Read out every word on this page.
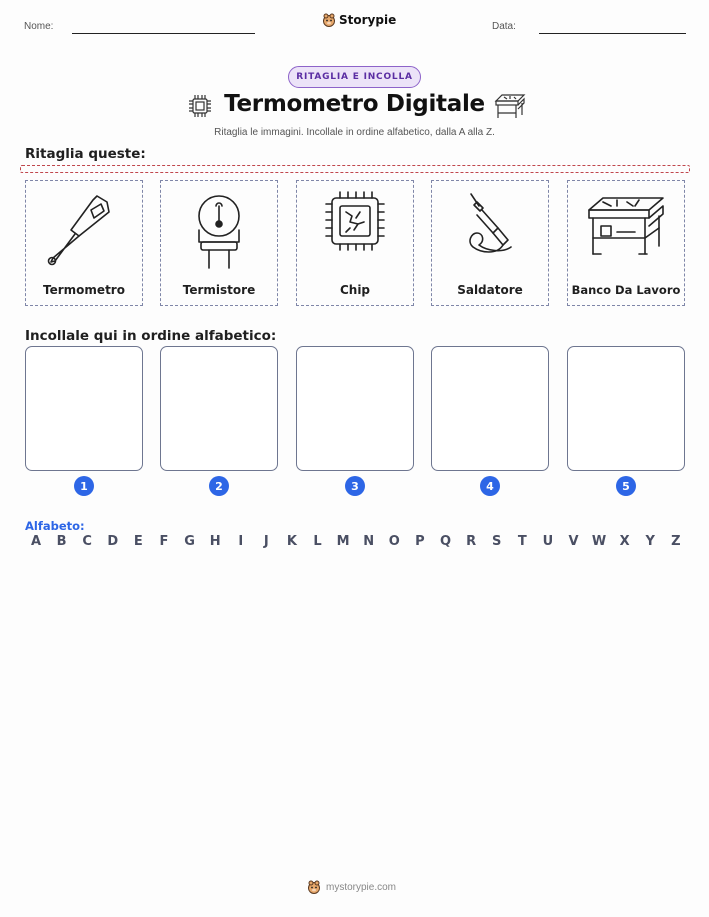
Nome:	Storypie	Data:
RITAGLIA E INCOLLA
Termometro Digitale
Ritaglia le immagini. Incollale in ordine alfabetico, dalla A alla Z.
Ritaglia queste:
Termometro	Termistore	Chip	Saldatore	Banco Da Lavoro
Incollale qui in ordine alfabetico:
1	2	3	4	5
Alfabeto:
A	B	C	D	E	F	G	H	I	J	K	L	M	N	O	P	Q	R	S	T	U	V	W	X	Y	Z
mystorypie.com
